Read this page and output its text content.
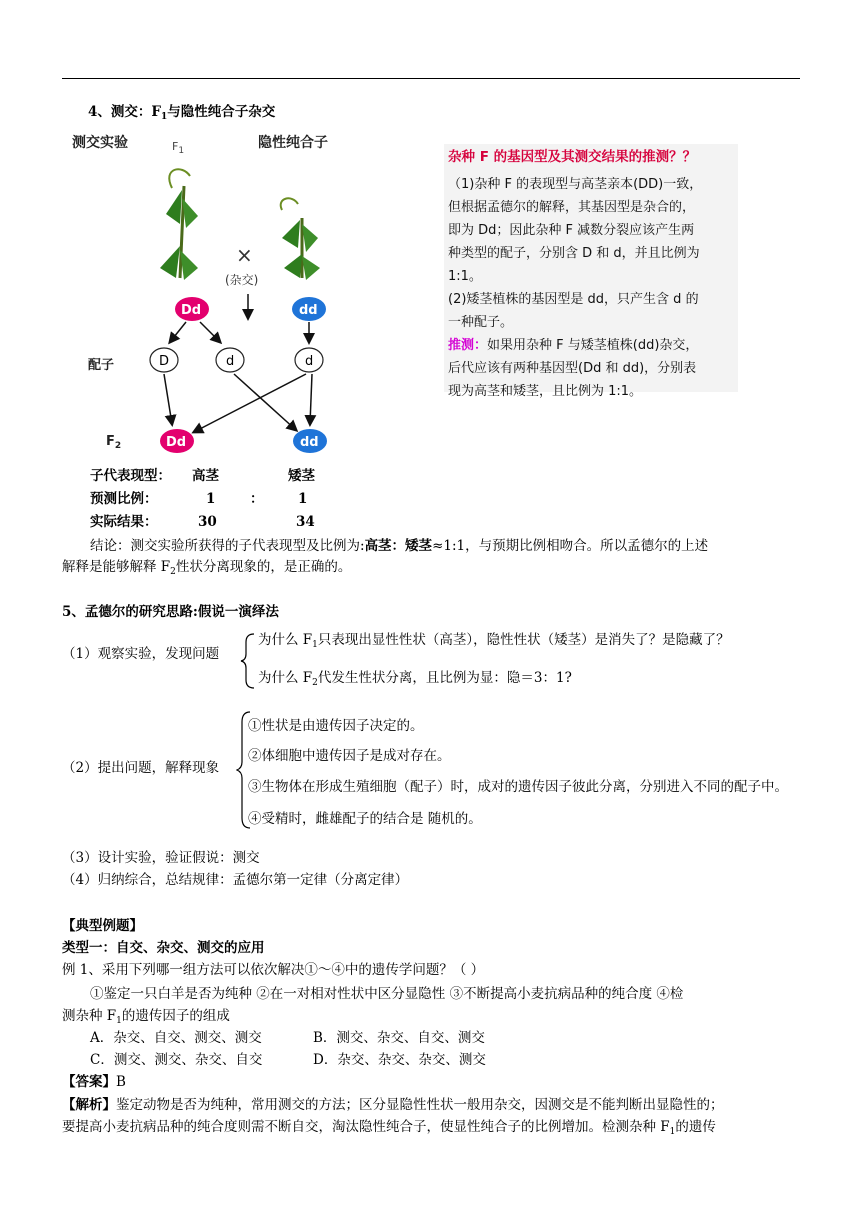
4、测交：$F_1$与隐性纯合子杂交
测交实验	$F_1$	隐性纯合子
×
(杂交)
Dd	dd
D	d	d
Dd	dd
配子
$F_2$
杂种 F 的基因型及其测交结果的推测？？
（1)杂种 F 的表现型与高茎亲本(DD)一致，
但根据孟德尔的解释，其基因型是杂合的，
即为 Dd；因此杂种 F 减数分裂应该产生两
种类型的配子，分别含 D 和 d，并且比例为
1:1。
(2)矮茎植株的基因型是 dd，只产生含 d 的
一种配子。
推测：如果用杂种 F 与矮茎植株(dd)杂交，
后代应该有两种基因型(Dd 和 dd)，分别表
现为高茎和矮茎，且比例为 1:1。
子代表现型： 高茎	矮茎
预测比例：	1	：	1
实际结果：	30	34
结论：测交实验所获得的子代表现型及比例为:高茎：矮茎≈1:1，与预期比例相吻合。所以孟德尔的上述
解释是能够解释 $F_2$性状分离现象的，是正确的。
5、孟德尔的研究思路:假说一演绎法
（1）观察实验，发现问题
为什么 $F_1$只表现出显性性状（高茎），隐性性状（矮茎）是消失了？是隐藏了？
为什么 $F_2$代发生性状分离，且比例为显：隐＝3：1?
（2）提出问题，解释现象
①性状是由遗传因子决定的。
②体细胞中遗传因子是成对存在。
③生物体在形成生殖细胞（配子）时，成对的遗传因子彼此分离，分别进入不同的配子中。
④受精时，雌雄配子的结合是 随机的。
（3）设计实验，验证假说：测交
（4）归纳综合，总结规律：孟德尔第一定律（分离定律）
【典型例题】
类型一：自交、杂交、测交的应用
例 1、采用下列哪一组方法可以依次解决①～④中的遗传学问题？（ ）
①鉴定一只白羊是否为纯种 ②在一对相对性状中区分显隐性 ③不断提高小麦抗病品种的纯合度 ④检
测杂种 $F_1$的遗传因子的组成
A．杂交、自交、测交、测交	B．测交、杂交、自交、测交
C．测交、测交、杂交、自交	D．杂交、杂交、杂交、测交
【答案】B
【解析】鉴定动物是否为纯种，常用测交的方法；区分显隐性性状一般用杂交，因测交是不能判断出显隐性的；
要提高小麦抗病品种的纯合度则需不断自交，淘汰隐性纯合子，使显性纯合子的比例增加。检测杂种 $F_1$的遗传
